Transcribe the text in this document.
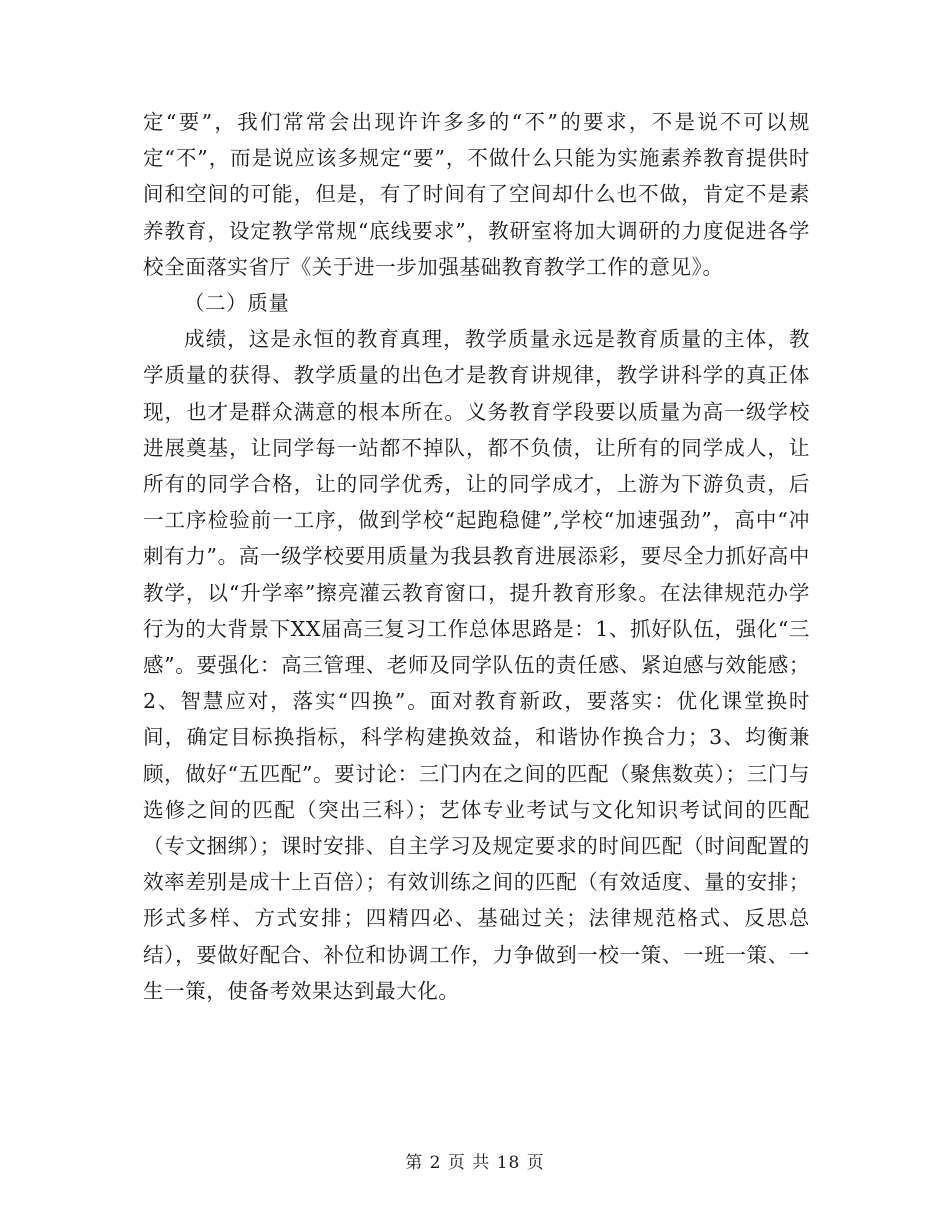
定“要”，我们常常会出现许许多多的“不”的要求，不是说不可以规定“不”，而是说应该多规定“要”，不做什么只能为实施素养教育提供时间和空间的可能，但是，有了时间有了空间却什么也不做，肯定不是素养教育，设定教学常规“底线要求”，教研室将加大调研的力度促进各学校全面落实省厅《关于进一步加强基础教育教学工作的意见》。

（二）质量

成绩，这是永恒的教育真理，教学质量永远是教育质量的主体，教学质量的获得、教学质量的出色才是教育讲规律，教学讲科学的真正体现，也才是群众满意的根本所在。义务教育学段要以质量为高一级学校进展奠基，让同学每一站都不掉队，都不负债，让所有的同学成人，让所有的同学合格，让的同学优秀，让的同学成才，上游为下游负责，后一工序检验前一工序，做到学校“起跑稳健”,学校“加速强劲”，高中“冲刺有力”。高一级学校要用质量为我县教育进展添彩，要尽全力抓好高中教学，以“升学率”擦亮灌云教育窗口，提升教育形象。在法律规范办学行为的大背景下XX届高三复习工作总体思路是：1、抓好队伍，强化“三感”。要强化：高三管理、老师及同学队伍的责任感、紧迫感与效能感；2、智慧应对，落实“四换”。面对教育新政，要落实：优化课堂换时间，确定目标换指标，科学构建换效益，和谐协作换合力；3、均衡兼顾，做好“五匹配”。要讨论：三门内在之间的匹配（聚焦数英）；三门与选修之间的匹配（突出三科）；艺体专业考试与文化知识考试间的匹配（专文捆绑）；课时安排、自主学习及规定要求的时间匹配（时间配置的效率差别是成十上百倍）；有效训练之间的匹配（有效适度、量的安排；形式多样、方式安排；四精四必、基础过关；法律规范格式、反思总结），要做好配合、补位和协调工作，力争做到一校一策、一班一策、一生一策，使备考效果达到最大化。

第 2 页 共 18 页
